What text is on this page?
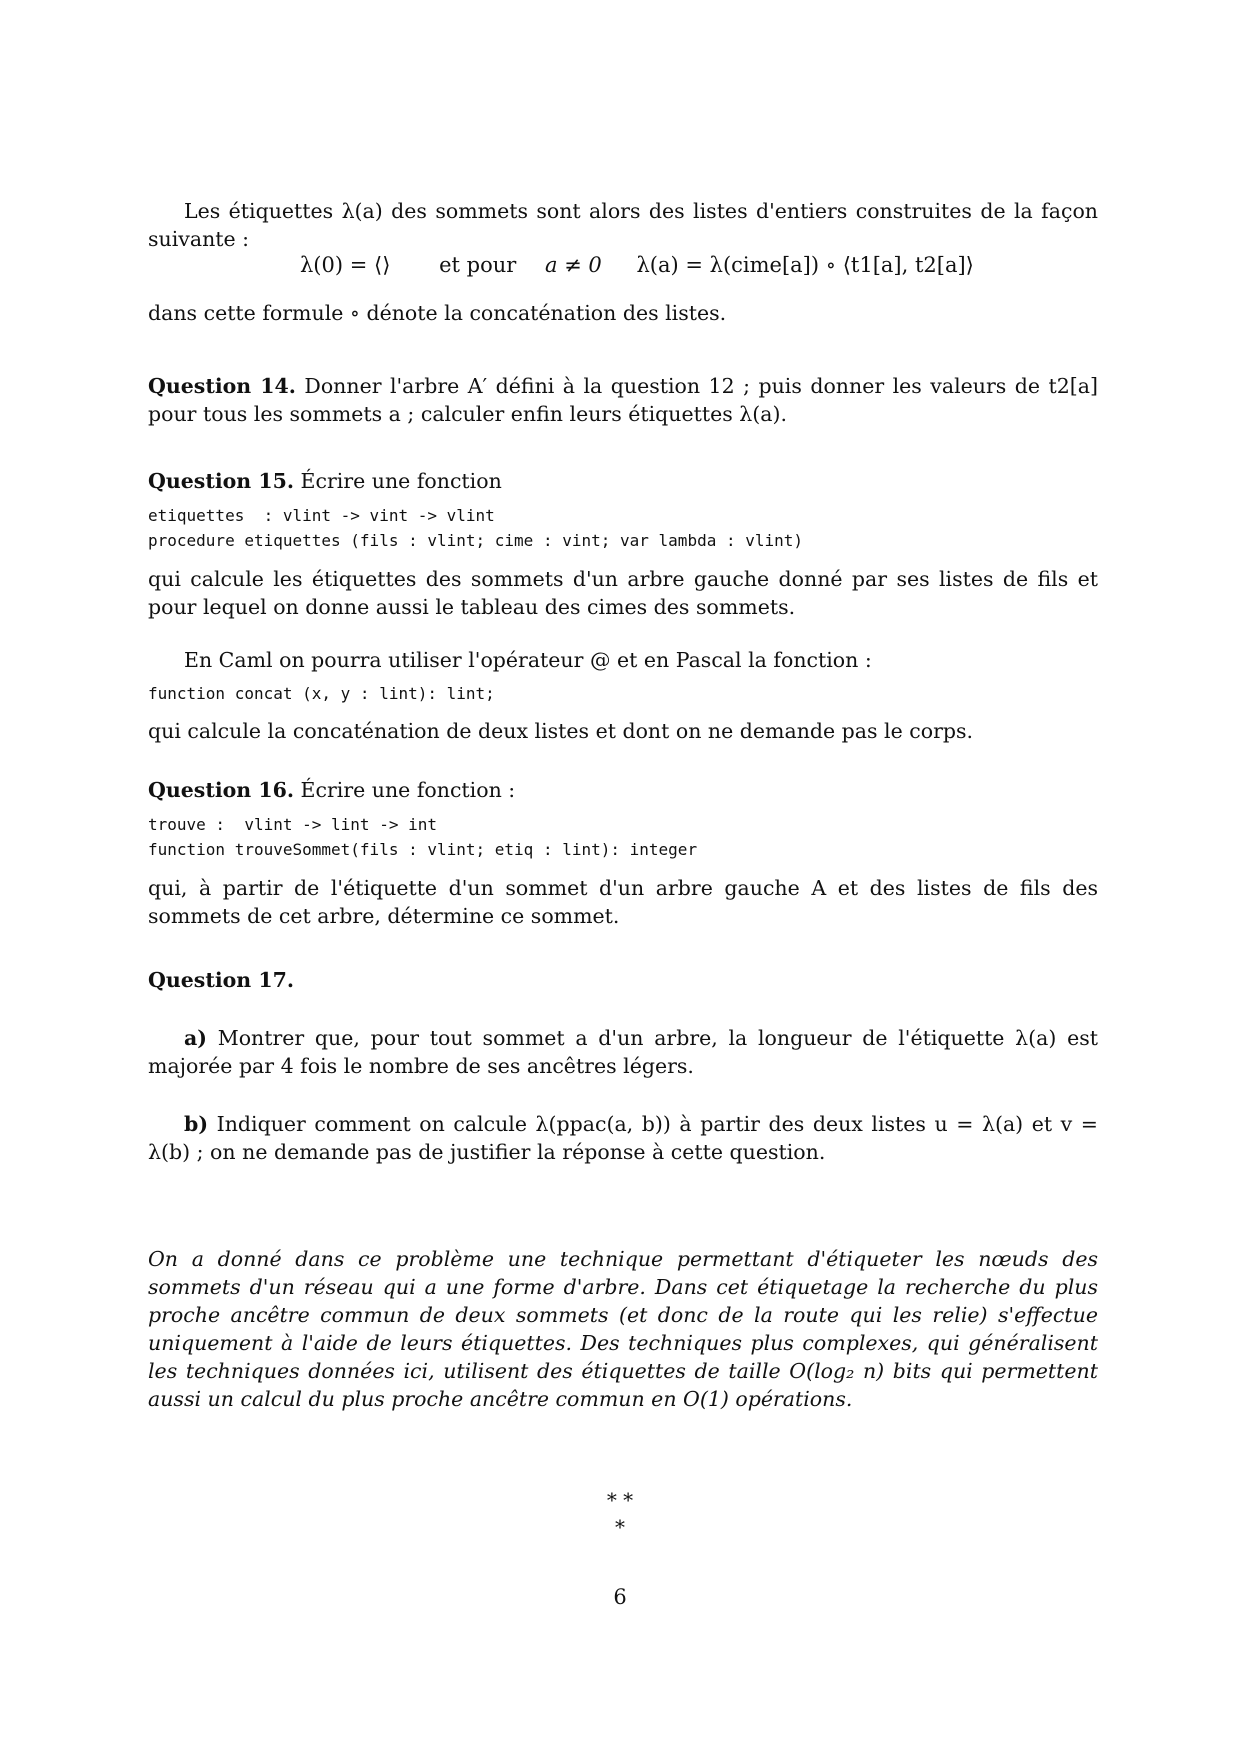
Les étiquettes λ(a) des sommets sont alors des listes d'entiers construites de la façon suivante :

λ(0) = ⟨⟩ et pour a ≠ 0 λ(a) = λ(cime[a]) ∘ ⟨t1[a], t2[a]⟩

dans cette formule ∘ dénote la concaténation des listes.

Question 14. Donner l'arbre A′ défini à la question 12 ; puis donner les valeurs de t2[a] pour tous les sommets a ; calculer enfin leurs étiquettes λ(a).

Question 15. Écrire une fonction

etiquettes  : vlint -> vint -> vlint
procedure etiquettes (fils : vlint; cime : vint; var lambda : vlint)

qui calcule les étiquettes des sommets d'un arbre gauche donné par ses listes de fils et pour lequel on donne aussi le tableau des cimes des sommets.

En Caml on pourra utiliser l'opérateur @ et en Pascal la fonction :

function concat (x, y : lint): lint;

qui calcule la concaténation de deux listes et dont on ne demande pas le corps.

Question 16. Écrire une fonction :

trouve :  vlint -> lint -> int
function trouveSommet(fils : vlint; etiq : lint): integer

qui, à partir de l'étiquette d'un sommet d'un arbre gauche A et des listes de fils des sommets de cet arbre, détermine ce sommet.

Question 17.

a) Montrer que, pour tout sommet a d'un arbre, la longueur de l'étiquette λ(a) est majorée par 4 fois le nombre de ses ancêtres légers.

b) Indiquer comment on calcule λ(ppac(a, b)) à partir des deux listes u = λ(a) et v = λ(b) ; on ne demande pas de justifier la réponse à cette question.

On a donné dans ce problème une technique permettant d'étiqueter les nœuds des sommets d'un réseau qui a une forme d'arbre. Dans cet étiquetage la recherche du plus proche ancêtre commun de deux sommets (et donc de la route qui les relie) s'effectue uniquement à l'aide de leurs étiquettes. Des techniques plus complexes, qui généralisent les techniques données ici, utilisent des étiquettes de taille O(log₂ n) bits qui permettent aussi un calcul du plus proche ancêtre commun en O(1) opérations.

* *
*
6
